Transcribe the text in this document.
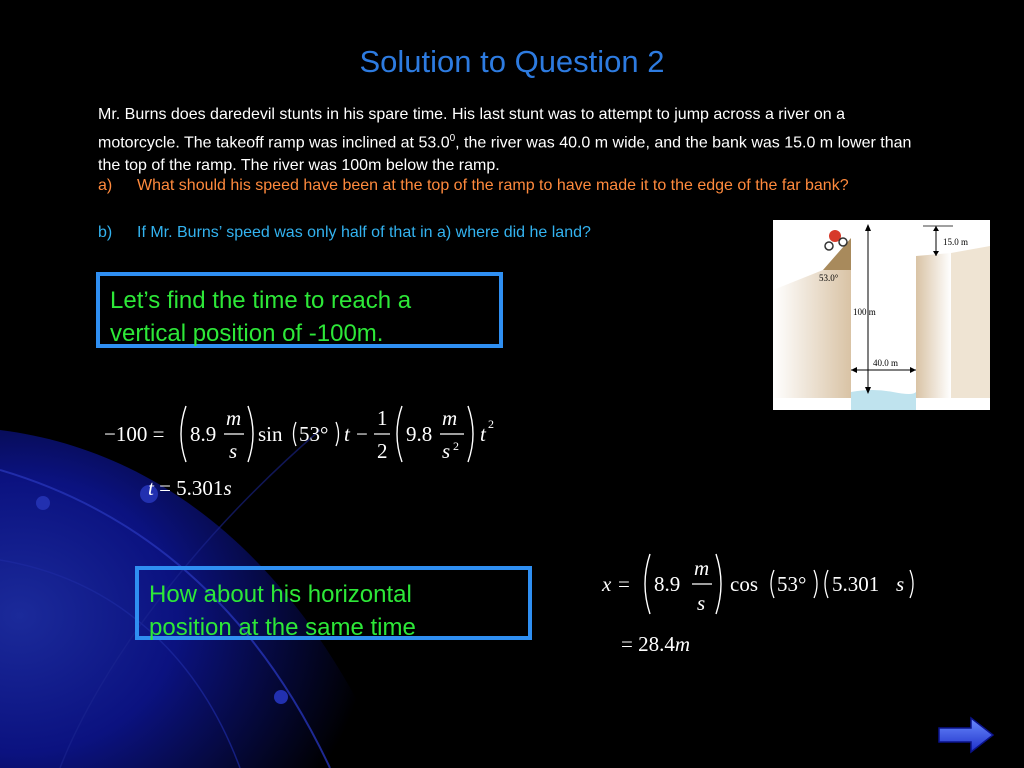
Solution to Question 2
Mr. Burns does daredevil stunts in his spare time. His last stunt was to attempt to jump across a river on a motorcycle. The takeoff ramp was inclined at 53.0$^0$, the river was 40.0 m wide, and the bank was 15.0 m lower than the top of the ramp. The river was 100m below the ramp.
a) What should his speed have been at the top of the ramp to have made it to the edge of the far bank?
b) If Mr. Burns’ speed was only half of that in a) where did he land?
Let’s find the time to reach a vertical position of -100m.
How about his horizontal
position at the same time
15.0 m
53.0°
100 m
40.0 m
−100 = 8.9
m
s
sin 53° t −
1
2
9.8
m
s 2 t 2
t = 5.301s
x = 8.9
m
s
cos 53° 5.301 s
= 28.4m
